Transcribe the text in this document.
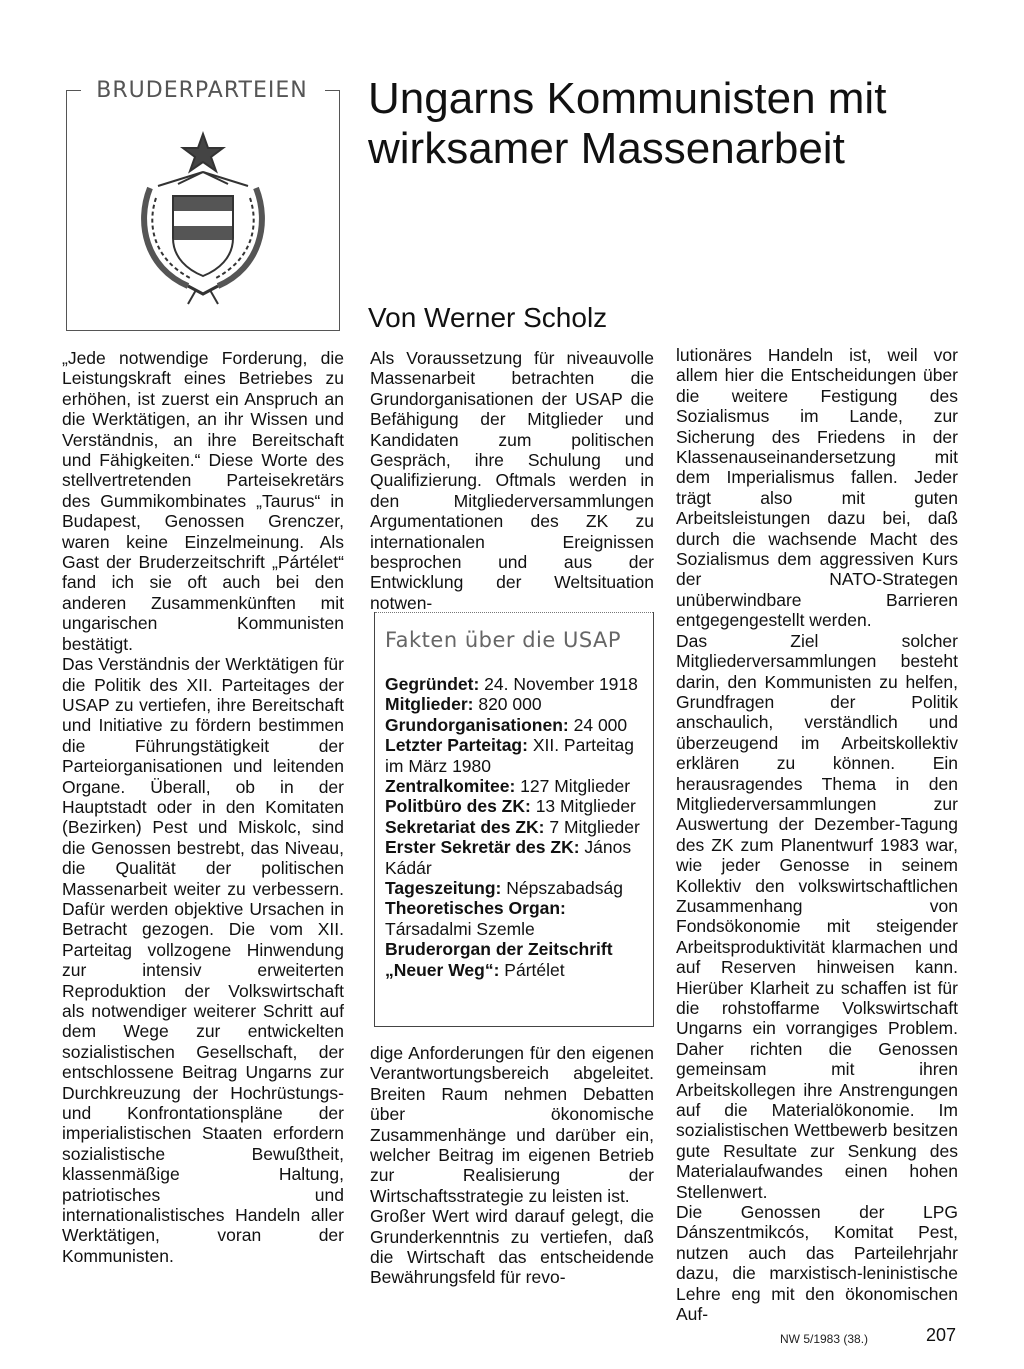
BRUDERPARTEIEN Ungarns Kommunisten mit
wirksamer Massenarbeit
Von Werner Scholz

„Jede notwendige Forderung, die Leistungskraft eines Betriebes zu erhöhen, ist zuerst ein Anspruch an die Werktätigen, an ihr Wissen und Verständnis, an ihre Bereitschaft und Fähigkeiten.“ Diese Worte des stellvertretenden Parteisekretärs des Gummikombinates „Taurus“ in Budapest, Genossen Grenczer, waren keine Einzelmeinung. Als Gast der Bruderzeitschrift „Pártélet“ fand ich sie oft auch bei den anderen Zusammenkünften mit ungarischen Kommunisten bestätigt.

Das Verständnis der Werktätigen für die Politik des XII. Parteitages der USAP zu vertiefen, ihre Bereitschaft und Initiative zu fördern bestimmen die Führungstätigkeit der Parteiorganisationen und leitenden Organe. Überall, ob in der Hauptstadt oder in den Komitaten (Bezirken) Pest und Miskolc, sind die Genossen bestrebt, das Niveau, die Qualität der politischen Massenarbeit weiter zu verbessern. Dafür werden objektive Ursachen in Betracht gezogen. Die vom XII. Parteitag vollzogene Hinwendung zur intensiv erweiterten Reproduktion der Volkswirtschaft als notwendiger weiterer Schritt auf dem Wege zur entwickelten sozialistischen Gesellschaft, der entschlossene Beitrag Ungarns zur Durchkreuzung der Hochrüstungs- und Konfrontationspläne der imperialistischen Staaten erfordern sozialistische Bewußtheit, klassenmäßige Haltung, patriotisches und internationalistisches Handeln aller Werktätigen, voran der Kommunisten.

Als Voraussetzung für niveauvolle Massenarbeit betrachten die Grundorganisationen der USAP die Befähigung der Mitglieder und Kandidaten zum politischen Gespräch, ihre Schulung und Qualifizierung. Oftmals werden in den Mitgliederversammlungen Argumentationen des ZK zu internationalen Ereignissen besprochen und aus der Entwicklung der Weltsituation notwen-

Fakten über die USAP

Gegründet: 24. November 1918

Mitglieder: 820 000

Grundorganisationen: 24 000

Letzter Parteitag: XII. Parteitag im März 1980

Zentralkomitee: 127 Mitglieder

Politbüro des ZK: 13 Mitglieder

Sekretariat des ZK: 7 Mitglieder

Erster Sekretär des ZK: János Kádár

Tageszeitung: Népszabadság

Theoretisches Organ: Társadalmi Szemle

Bruderorgan der Zeitschrift „Neuer Weg“: Pártélet

dige Anforderungen für den eigenen Verantwortungsbereich abgeleitet. Breiten Raum nehmen Debatten über ökonomische Zusammenhänge und darüber ein, welcher Beitrag im eigenen Betrieb zur Realisierung der Wirtschaftsstrategie zu leisten ist.

Großer Wert wird darauf gelegt, die Grunderkenntnis zu vertiefen, daß die Wirtschaft das entscheidende Bewährungsfeld für revo-

lutionäres Handeln ist, weil vor allem hier die Entscheidungen über die weitere Festigung des Sozialismus im Lande, zur Sicherung des Friedens in der Klassenauseinandersetzung mit dem Imperialismus fallen. Jeder trägt also mit guten Arbeitsleistungen dazu bei, daß durch die wachsende Macht des Sozialismus dem aggressiven Kurs der NATO-Strategen unüberwindbare Barrieren entgegengestellt werden.

Das Ziel solcher Mitgliederversammlungen besteht darin, den Kommunisten zu helfen, Grundfragen der Politik anschaulich, verständlich und überzeugend im Arbeitskollektiv erklären zu können. Ein herausragendes Thema in den Mitgliederversammlungen zur Auswertung der Dezember-Tagung des ZK zum Planentwurf 1983 war, wie jeder Genosse in seinem Kollektiv den volkswirtschaftlichen Zusammenhang von Fondsökonomie mit steigender Arbeitsproduktivität klarmachen und auf Reserven hinweisen kann. Hierüber Klarheit zu schaffen ist für die rohstoffarme Volkswirtschaft Ungarns ein vorrangiges Problem. Daher richten die Genossen gemeinsam mit ihren Arbeitskollegen ihre Anstrengungen auf die Materialökonomie. Im sozialistischen Wettbewerb besitzen gute Resultate zur Senkung des Materialaufwandes einen hohen Stellenwert.

Die Genossen der LPG Dánszentmikcós, Komitat Pest, nutzen auch das Parteilehrjahr dazu, die marxistisch-leninistische Lehre eng mit den ökonomischen Auf-

NW 5/1983 (38.)	207
